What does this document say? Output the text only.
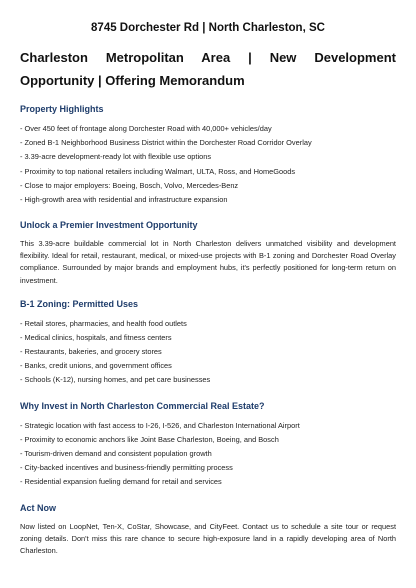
8745 Dorchester Rd | North Charleston, SC
Charleston Metropolitan Area | New Development Opportunity | Offering Memorandum
Property Highlights
- Over 450 feet of frontage along Dorchester Road with 40,000+ vehicles/day
- Zoned B-1 Neighborhood Business District within the Dorchester Road Corridor Overlay
- 3.39-acre development-ready lot with flexible use options
- Proximity to top national retailers including Walmart, ULTA, Ross, and HomeGoods
- Close to major employers: Boeing, Bosch, Volvo, Mercedes-Benz
- High-growth area with residential and infrastructure expansion
Unlock a Premier Investment Opportunity

This 3.39-acre buildable commercial lot in North Charleston delivers unmatched visibility and development flexibility. Ideal for retail, restaurant, medical, or mixed-use projects with B-1 zoning and Dorchester Road Overlay compliance. Surrounded by major brands and employment hubs, it's perfectly positioned for long-term return on investment.

B-1 Zoning: Permitted Uses
- Retail stores, pharmacies, and health food outlets
- Medical clinics, hospitals, and fitness centers
- Restaurants, bakeries, and grocery stores
- Banks, credit unions, and government offices
- Schools (K-12), nursing homes, and pet care businesses
Why Invest in North Charleston Commercial Real Estate?
- Strategic location with fast access to I-26, I-526, and Charleston International Airport
- Proximity to economic anchors like Joint Base Charleston, Boeing, and Bosch
- Tourism-driven demand and consistent population growth
- City-backed incentives and business-friendly permitting process
- Residential expansion fueling demand for retail and services
Act Now

Now listed on LoopNet, Ten-X, CoStar, Showcase, and CityFeet. Contact us to schedule a site tour or request zoning details. Don't miss this rare chance to secure high-exposure land in a rapidly developing area of North Charleston.
